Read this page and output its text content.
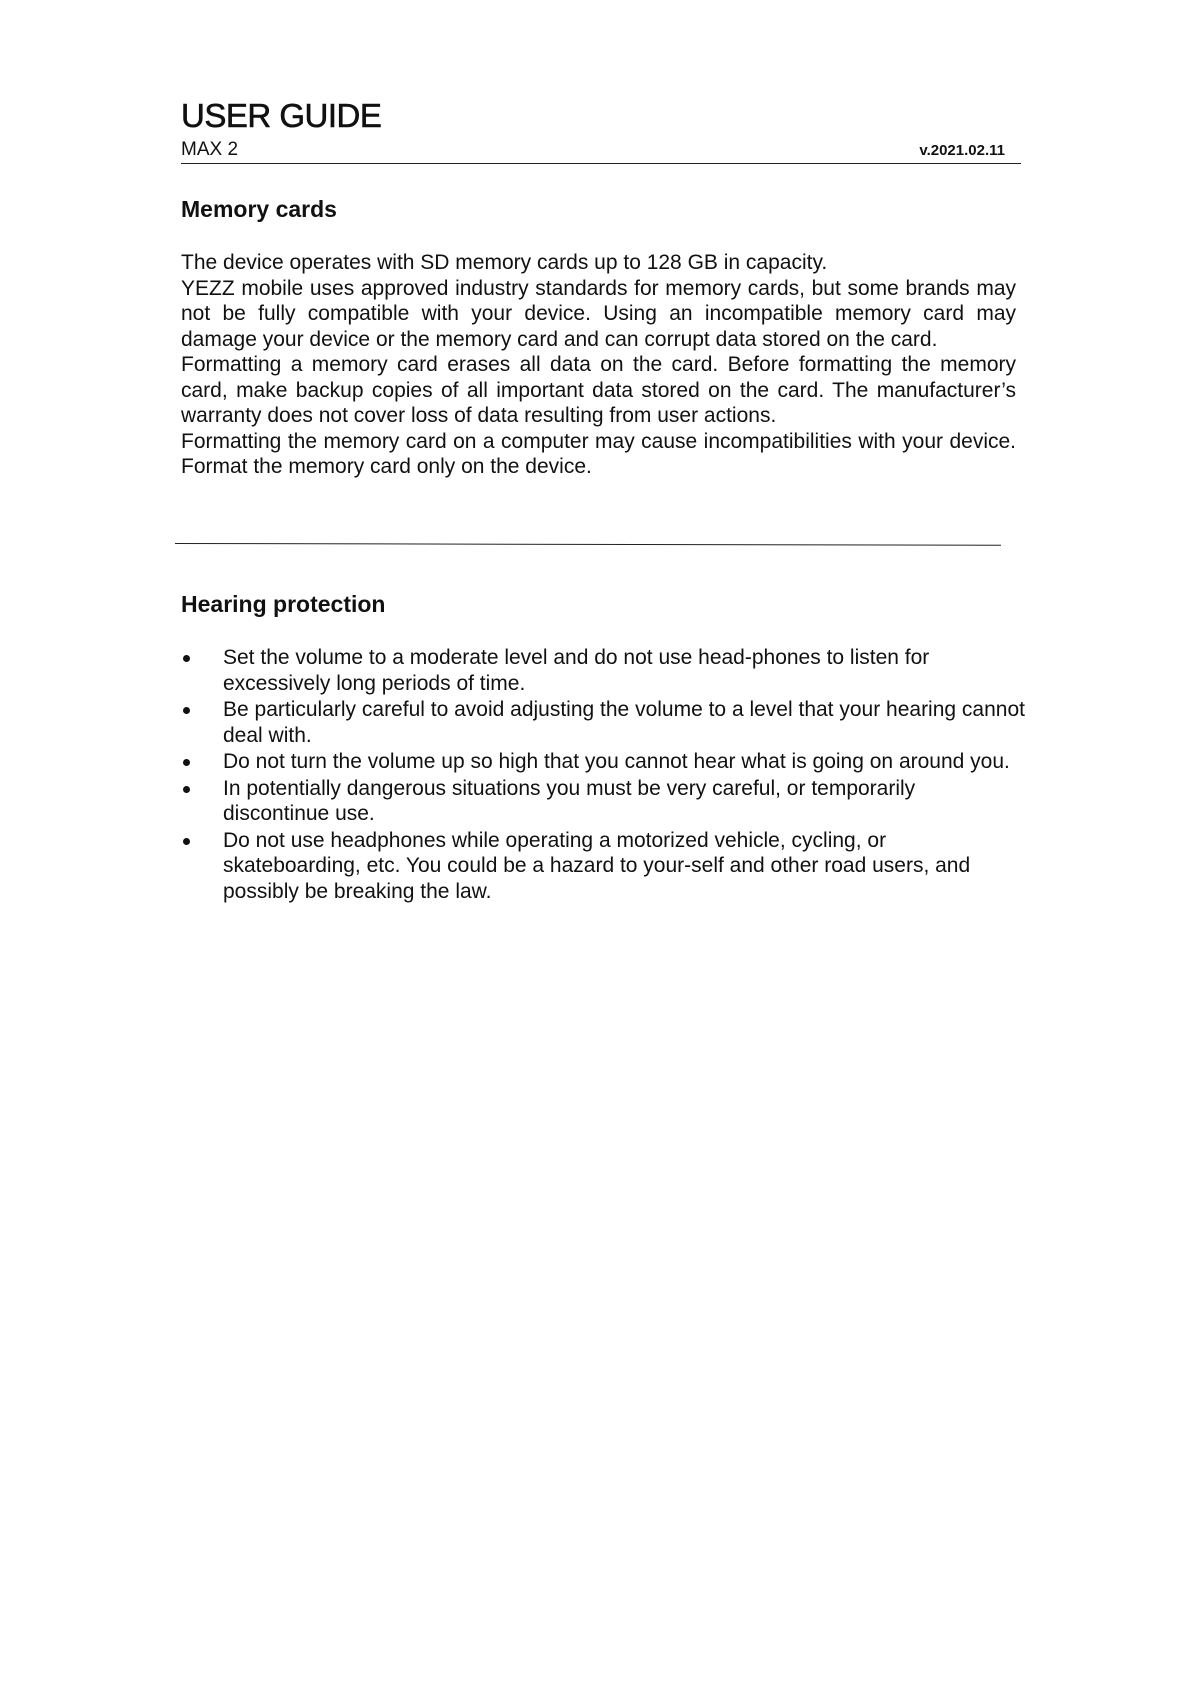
USER GUIDE
MAX 2	v.2021.02.11
Memory cards

The device operates with SD memory cards up to 128 GB in capacity.

YEZZ mobile uses approved industry standards for memory cards, but some brands may not be fully compatible with your device. Using an incompatible memory card may damage your device or the memory card and can corrupt data stored on the card.

Formatting a memory card erases all data on the card. Before formatting the memory card, make backup copies of all important data stored on the card. The manufacturer’s warranty does not cover loss of data resulting from user actions.

Formatting the memory card on a computer may cause incompatibilities with your device. Format the memory card only on the device.

Hearing protection
Set the volume to a moderate level and do not use head-phones to listen for excessively long periods of time.
Be particularly careful to avoid adjusting the volume to a level that your hearing cannot deal with.
Do not turn the volume up so high that you cannot hear what is going on around you.
In potentially dangerous situations you must be very careful, or temporarily discontinue use.
Do not use headphones while operating a motorized vehicle, cycling, or skateboarding, etc. You could be a hazard to your-self and other road users, and possibly be breaking the law.
